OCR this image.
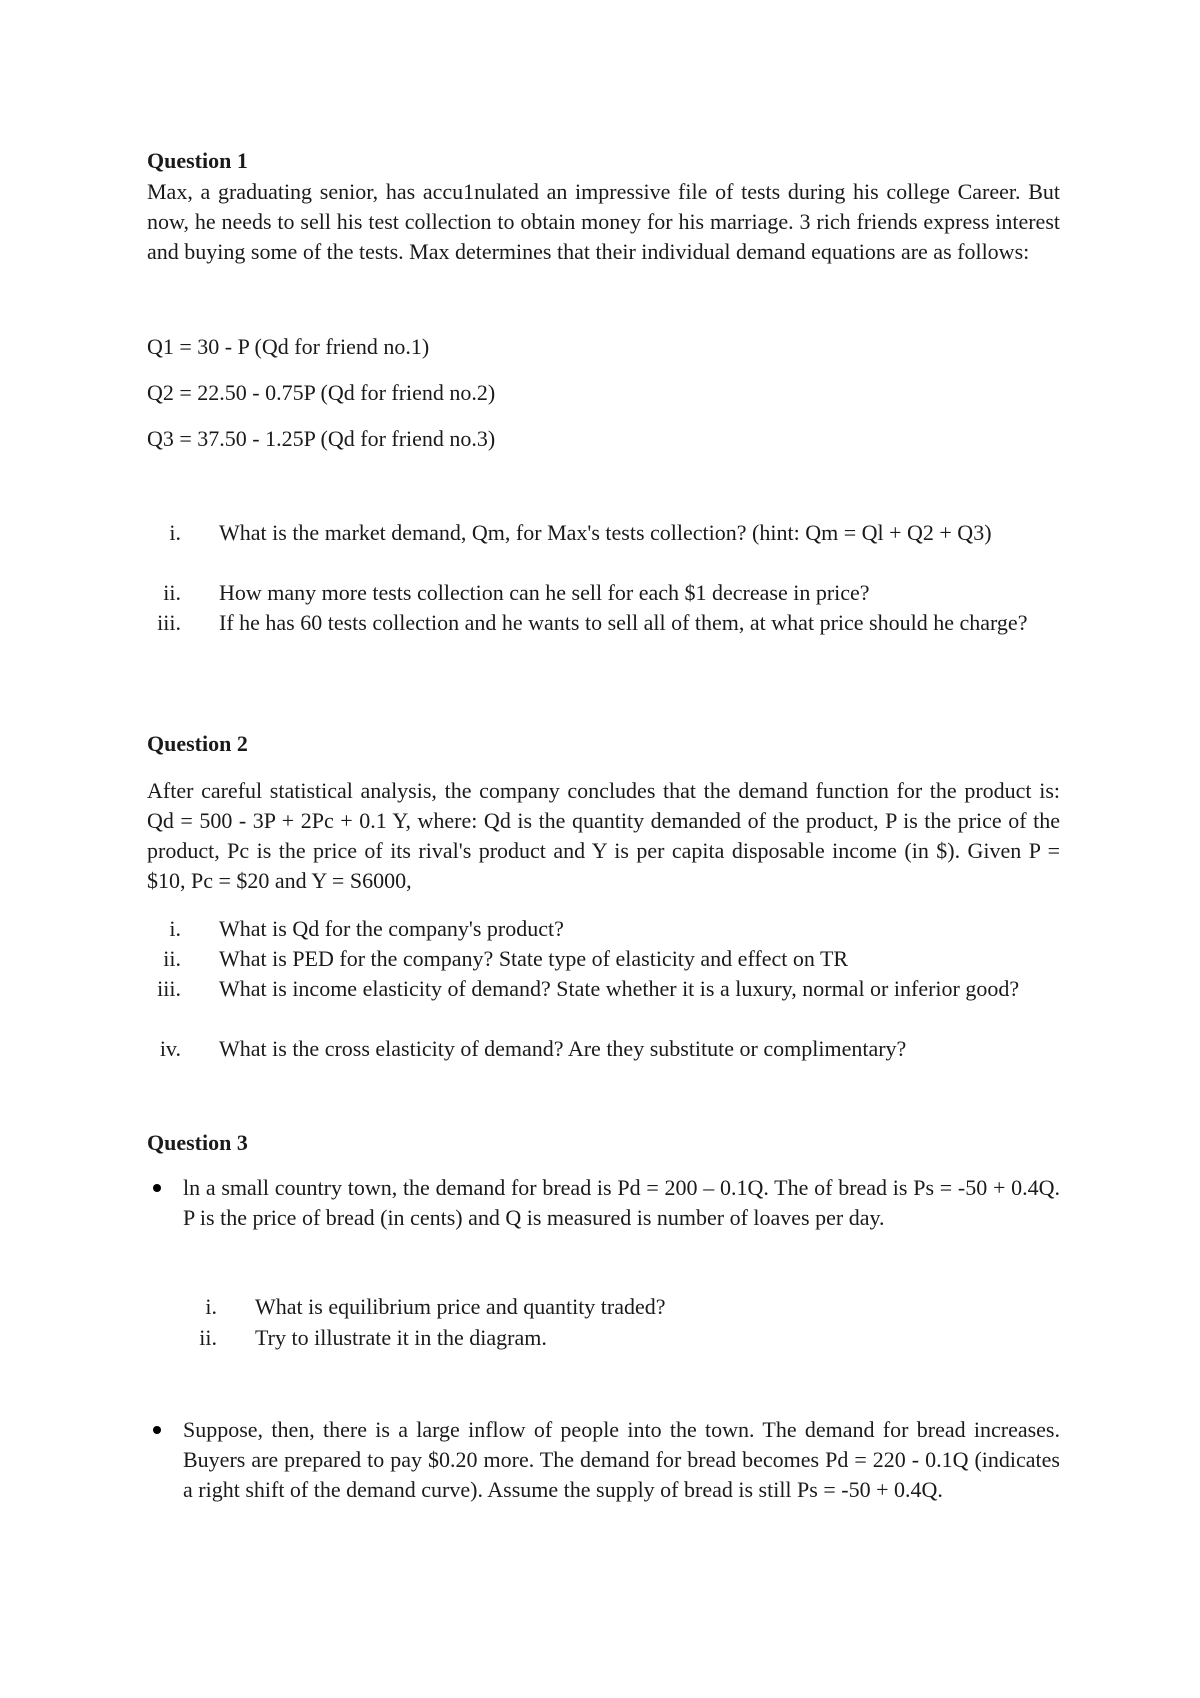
Question 1
Max, a graduating senior, has accu1nulated an impressive file of tests during his college Career. But now, he needs to sell his test collection to obtain money for his marriage. 3 rich friends express interest and buying some of the tests. Max determines that their individual demand equations are as follows:
Q1 = 30 - P (Qd for friend no.1)
Q2 = 22.50 - 0.75P (Qd for friend no.2)
Q3 = 37.50 - 1.25P (Qd for friend no.3)
i. What is the market demand, Qm, for Max's tests collection? (hint: Qm = Ql + Q2 + Q3)
ii. How many more tests collection can he sell for each $1 decrease in price?
iii. If he has 60 tests collection and he wants to sell all of them, at what price should he charge?
Question 2
After careful statistical analysis, the company concludes that the demand function for the product is: Qd = 500 - 3P + 2Pc + 0.1 Y, where: Qd is the quantity demanded of the product, P is the price of the product, Pc is the price of its rival's product and Y is per capita disposable income (in $). Given P = $10, Pc = $20 and Y = S6000,
i. What is Qd for the company's product?
ii. What is PED for the company? State type of elasticity and effect on TR
iii. What is income elasticity of demand? State whether it is a luxury, normal or inferior good?
iv. What is the cross elasticity of demand? Are they substitute or complimentary?
Question 3
ln a small country town, the demand for bread is Pd = 200 – 0.1Q. The of bread is Ps = -50 + 0.4Q. P is the price of bread (in cents) and Q is measured is number of loaves per day.
i. What is equilibrium price and quantity traded?
ii. Try to illustrate it in the diagram.
Suppose, then, there is a large inflow of people into the town. The demand for bread increases. Buyers are prepared to pay $0.20 more. The demand for bread becomes Pd = 220 - 0.1Q (indicates a right shift of the demand curve). Assume the supply of bread is still Ps = -50 + 0.4Q.
